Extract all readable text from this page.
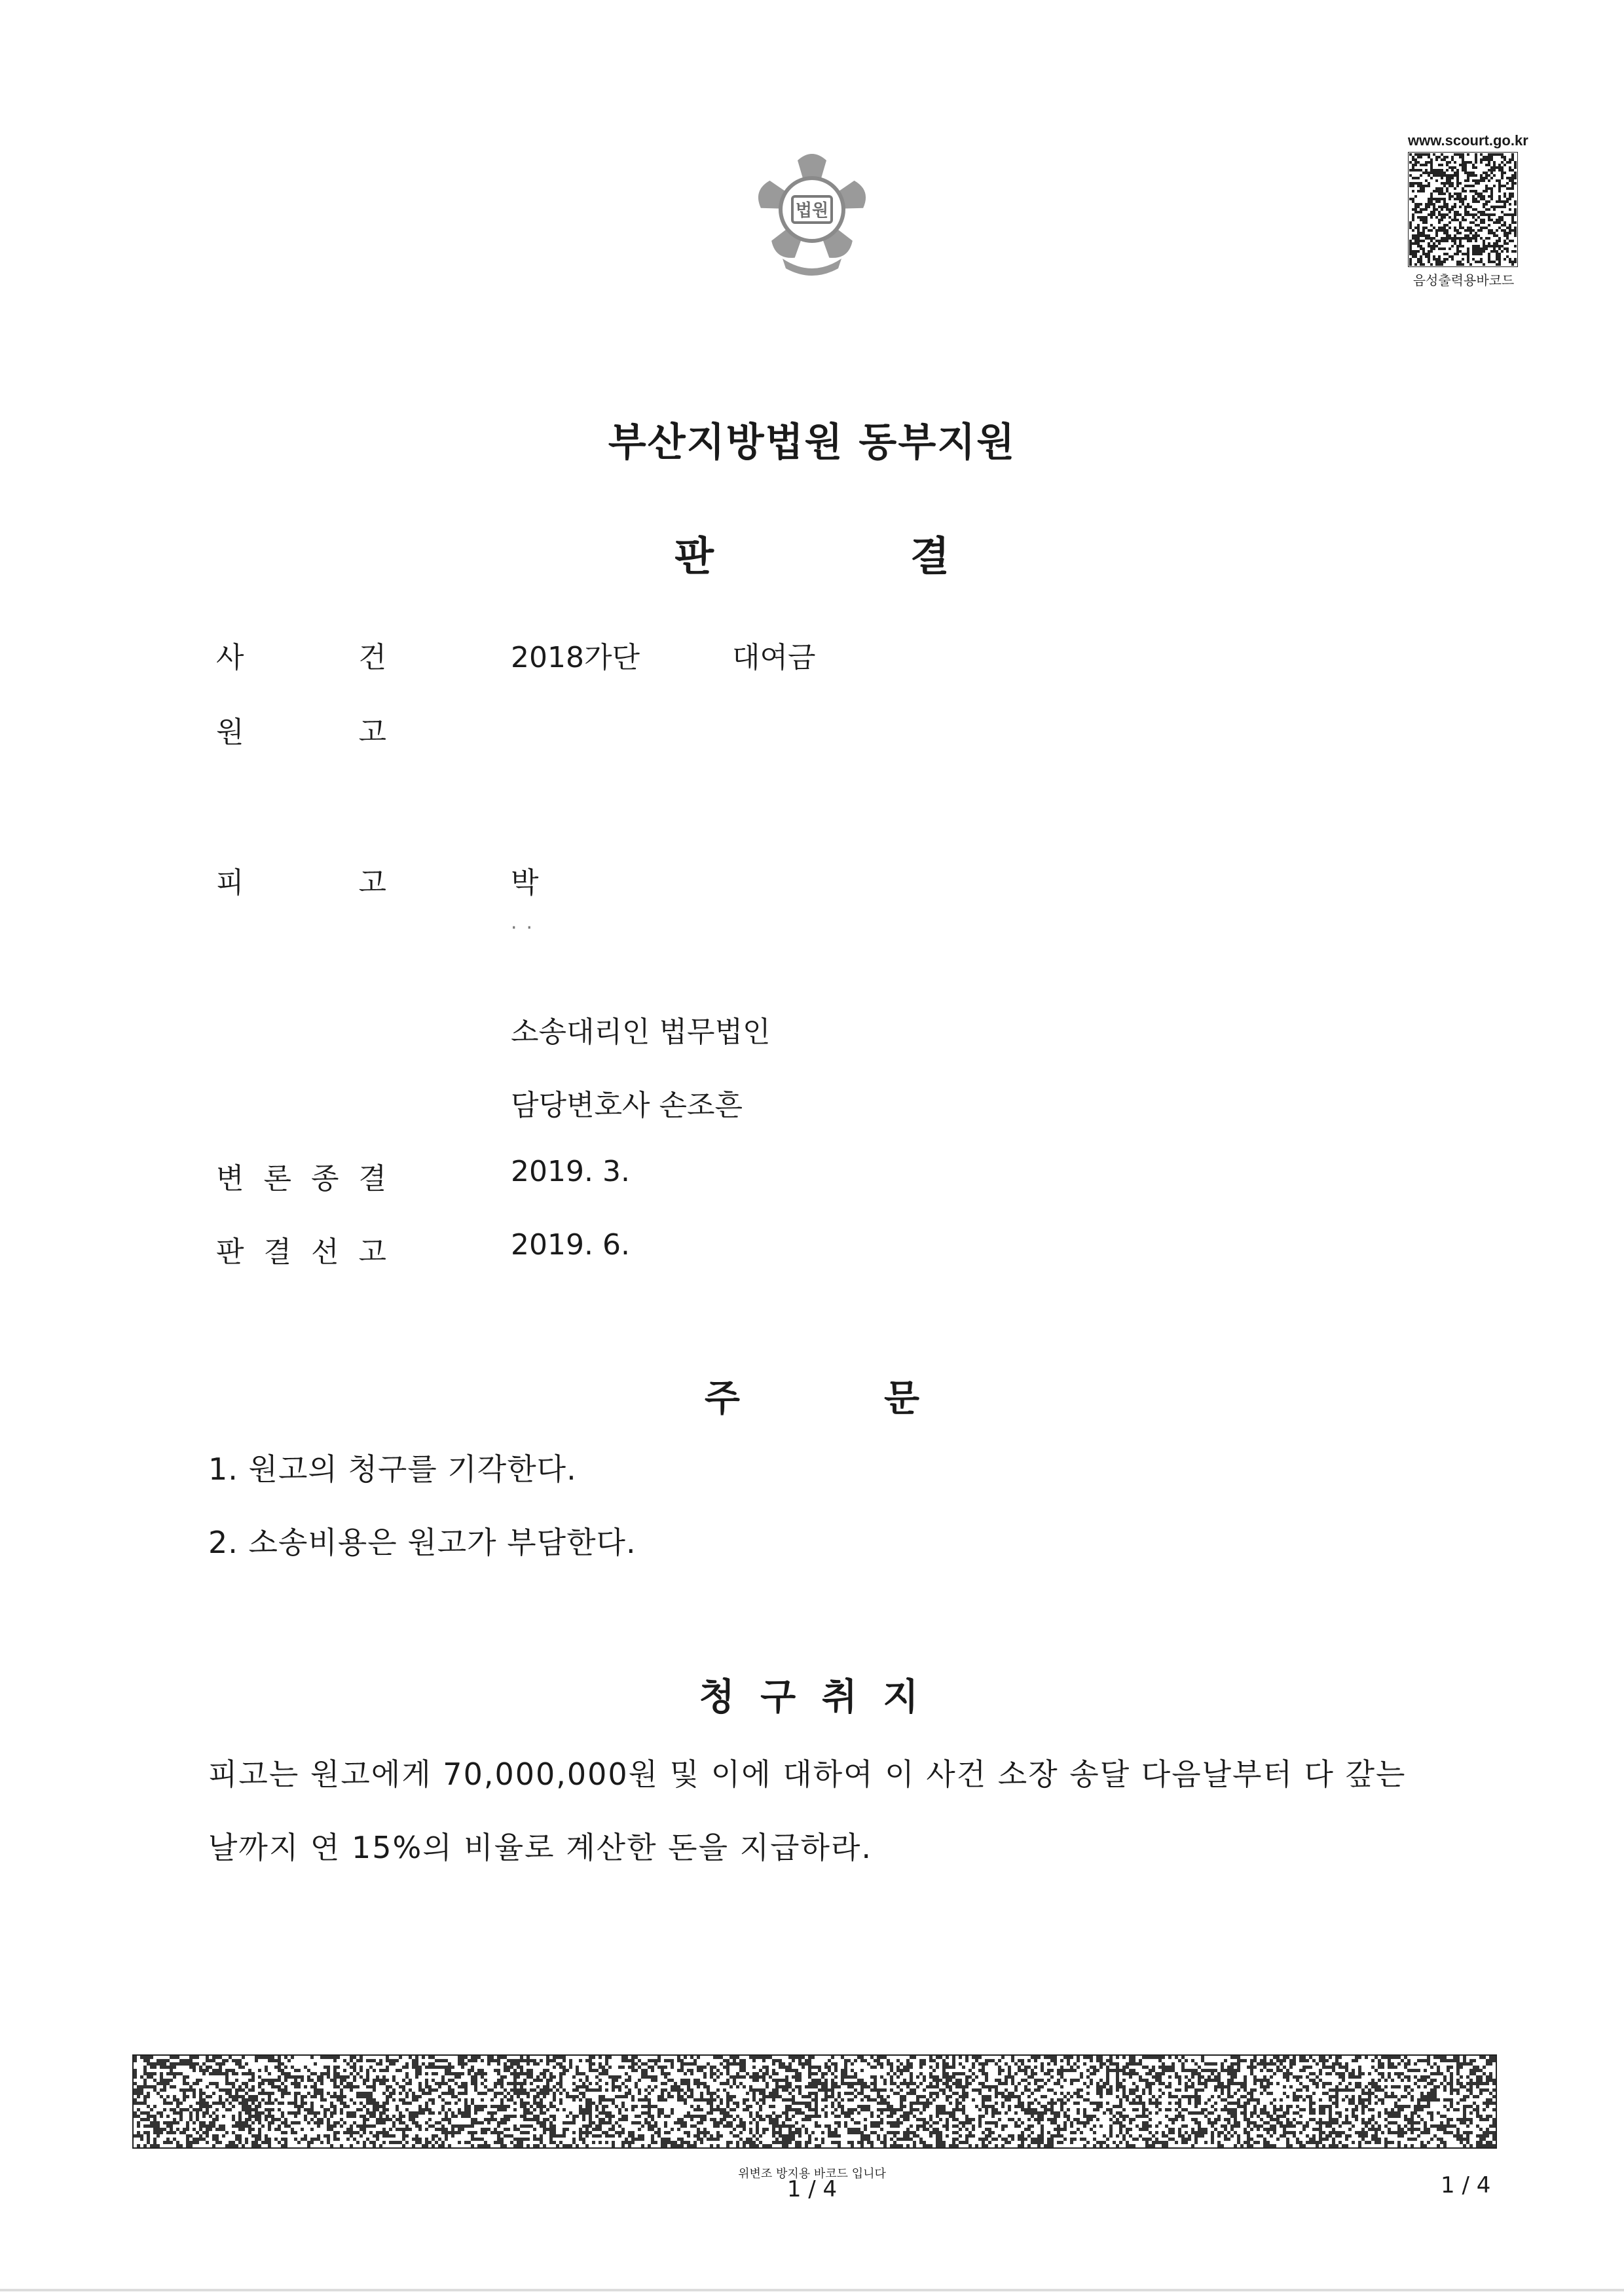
법원
www.scourt.go.kr
음성출력용바코드
부산지방법원 동부지원
판	결
사	건	2018가단	대여금
원	고
피	고	박
··
소송대리인 법무법인
담당변호사 손조흔
변 론 종 결	2019. 3.
판 결 선 고	2019. 6.
주	문
1. 원고의 청구를 기각한다.
2. 소송비용은 원고가 부담한다.
청 구 취 지
피고는 원고에게 70,000,000원 및 이에 대하여 이 사건 소장 송달 다음날부터 다 갚는
날까지 연 15%의 비율로 계산한 돈을 지급하라.
위변조 방지용 바코드 입니다
1 / 4	1 / 4
